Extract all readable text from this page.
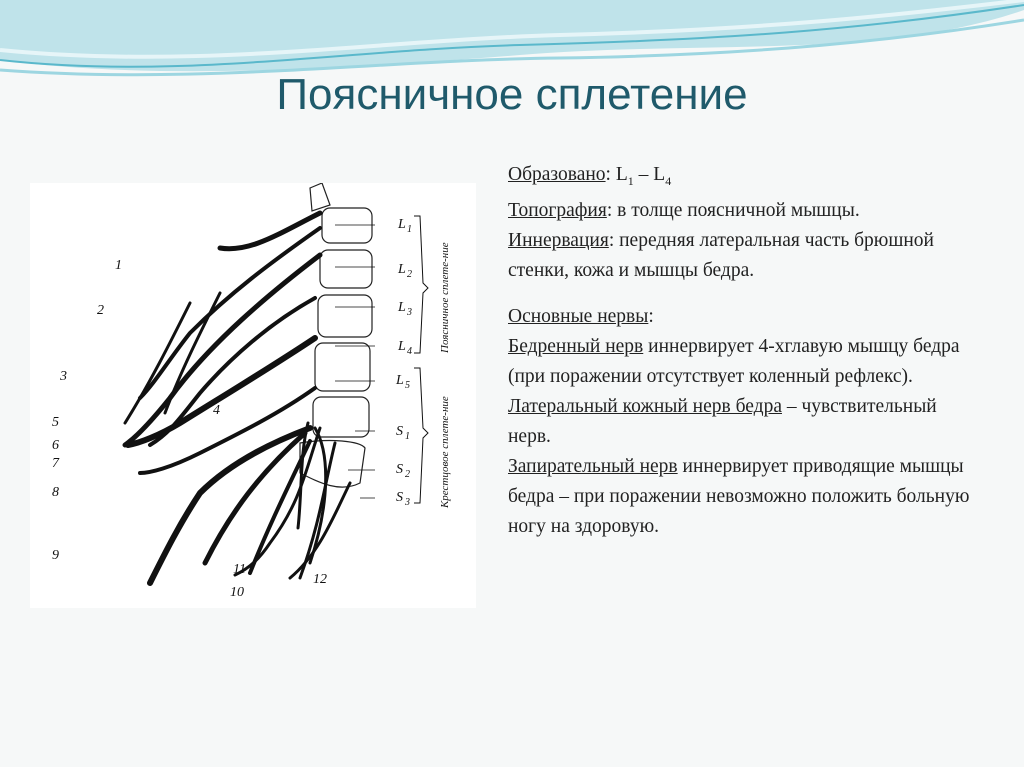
Поясничное сплетение
1
2
3
4
5
6
7
8
9
10
11
12
L 1
L 2
L 3
L 4
L 5
S 1
S 2
S 3
Поясничное сплете-ние
Крестцовое сплете-ние

Образовано: $L_1 - L_4$

Топография: в толще поясничной мышцы.

Иннервация: передняя латеральная часть брюшной стенки, кожа и мышцы бедра.

Основные нервы:

Бедренный нерв иннервирует 4-хглавую мышцу бедра (при поражении отсутствует коленный рефлекс).

Латеральный кожный нерв бедра – чувствительный нерв.

Запирательный нерв иннервирует приводящие мышцы бедра – при поражении невозможно положить больную ногу на здоровую.
